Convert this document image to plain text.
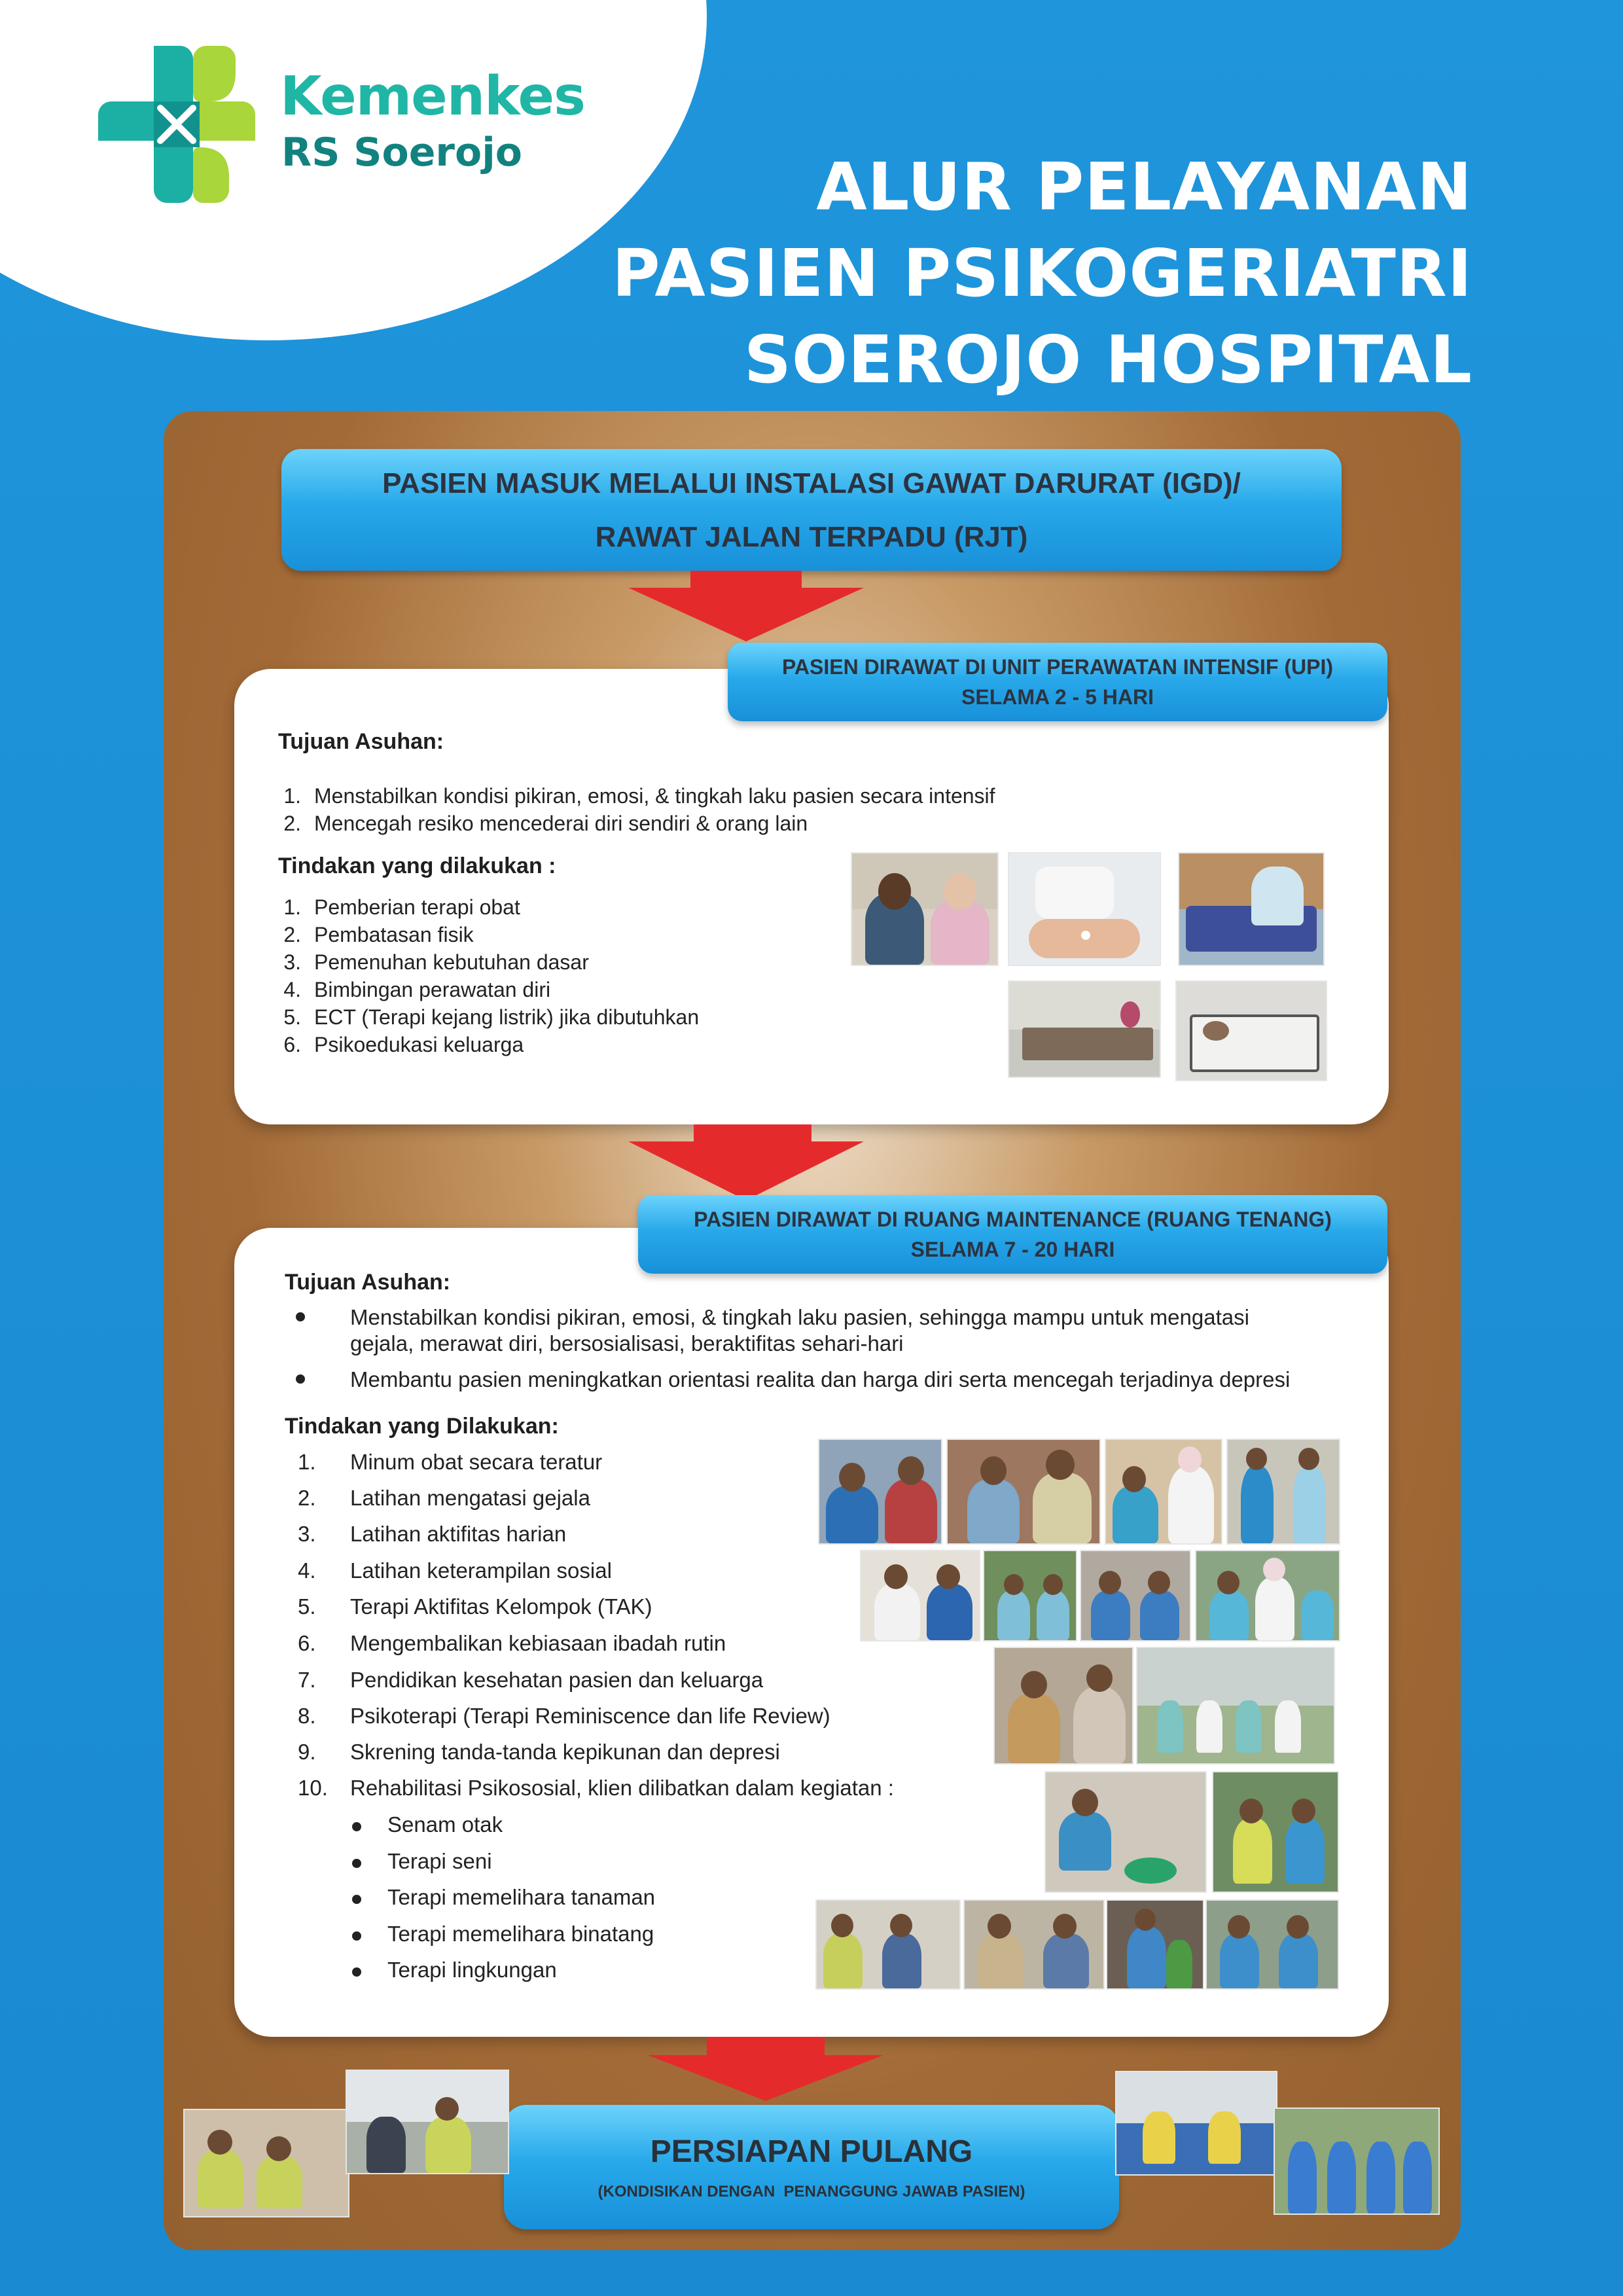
Kemenkes
RS Soerojo	ALUR PELAYANAN
PASIEN PSIKOGERIATRI
SOEROJO HOSPITAL
PASIEN MASUK MELALUI INSTALASI GAWAT DARURAT (IGD)/
RAWAT JALAN TERPADU (RJT)
PASIEN DIRAWAT DI UNIT PERAWATAN INTENSIF (UPI)
SELAMA 2 - 5 HARI
Tujuan Asuhan:
1. Menstabilkan kondisi pikiran, emosi, & tingkah laku pasien secara intensif
2. Mencegah resiko mencederai diri sendiri & orang lain
Tindakan yang dilakukan :
1. Pemberian terapi obat
2. Pembatasan fisik
3. Pemenuhan kebutuhan dasar
4. Bimbingan perawatan diri
5. ECT (Terapi kejang listrik) jika dibutuhkan
6. Psikoedukasi keluarga
PASIEN DIRAWAT DI RUANG MAINTENANCE (RUANG TENANG)
SELAMA 7 - 20 HARI
Tujuan Asuhan:
Menstabilkan kondisi pikiran, emosi, & tingkah laku pasien, sehingga mampu untuk mengatasi
gejala, merawat diri, bersosialisasi, beraktifitas sehari-hari
Membantu pasien meningkatkan orientasi realita dan harga diri serta mencegah terjadinya depresi
Tindakan yang Dilakukan:
1. Minum obat secara teratur
2. Latihan mengatasi gejala
3. Latihan aktifitas harian
4. Latihan keterampilan sosial
5. Terapi Aktifitas Kelompok (TAK)
6. Mengembalikan kebiasaan ibadah rutin
7. Pendidikan kesehatan pasien dan keluarga
8. Psikoterapi (Terapi Reminiscence dan life Review)
9. Skrening tanda-tanda kepikunan dan depresi
10. Rehabilitasi Psikososial, klien dilibatkan dalam kegiatan :
Senam otak
Terapi seni
Terapi memelihara tanaman
Terapi memelihara binatang
Terapi lingkungan
PERSIAPAN PULANG
(KONDISIKAN DENGAN  PENANGGUNG JAWAB PASIEN)
